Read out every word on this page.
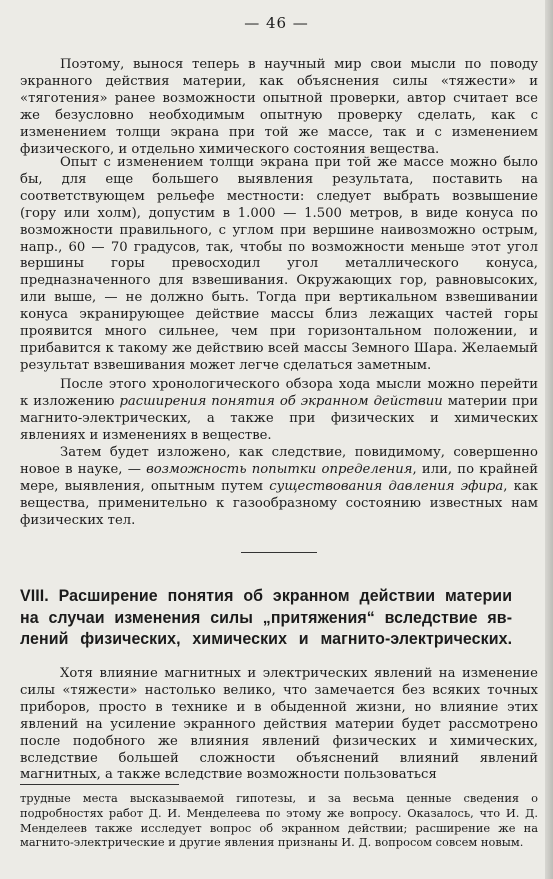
— 46 —

Поэтому, вынося теперь в научный мир свои мысли по поводу экранного действия материи, как объяснения силы «тяжести» и «тяготения» ранее возможности опытной проверки, автор считает все же безусловно необходимым опытную проверку сделать, как с изменением толщи экрана при той же массе, так и с изменением физического, и отдельно химического состояния вещества.

Опыт с изменением толщи экрана при той же массе можно было бы, для еще большего выявления результата, поставить на соответствующем рельефе местности: следует выбрать возвышение (гору или холм), допустим в 1.000 — 1.500 метров, в виде конуса по возможности правильного, с углом при вершине наивозможно острым, напр., 60 — 70 градусов, так, чтобы по возможности меньше этот угол вершины горы превосходил угол металлического конуса, предназначенного для взвешивания. Окружающих гор, равновысоких, или выше, — не должно быть. Тогда при вертикальном взвешивании конуса экранирующее действие массы близ лежащих частей горы проявится много сильнее, чем при горизонтальном положении, и прибавится к такому же действию всей массы Земного Шара. Желаемый результат взвешивания может легче сделаться заметным.

После этого хронологического обзора хода мысли можно перейти к изложению расширения понятия об экранном действии материи при магнито-электрических, а также при физических и химических явлениях и изменениях в веществе.

Затем будет изложено, как следствие, повидимому, совершенно новое в науке, — возможность попытки определения, или, по крайней мере, выявления, опытным путем существования давления эфира, как вещества, применительно к газообразному состоянию известных нам физических тел.

VIII. Расширение понятия об экранном действии материи
на случаи изменения силы „притяжения“ вследствие яв-
лений физических, химических и магнито-электрических.

Хотя влияние магнитных и электрических явлений на изменение силы «тяжести» настолько велико, что замечается без всяких точных приборов, просто в технике и в обыденной жизни, но влияние этих явлений на усиление экранного действия материи будет рассмотрено после подобного же влияния явлений физических и химических, вследствие большей сложности объяснений влияний явлений магнитных, а также вследствие возможности пользоваться

трудные места высказываемой гипотезы, и за весьма ценные сведения о подробностях работ Д. И. Менделеева по этому же вопросу. Оказалось, что И. Д. Менделеев также исследует вопрос об экранном действии; расширение же на магнито-электрические и другие явления признаны И. Д. вопросом совсем новым.
